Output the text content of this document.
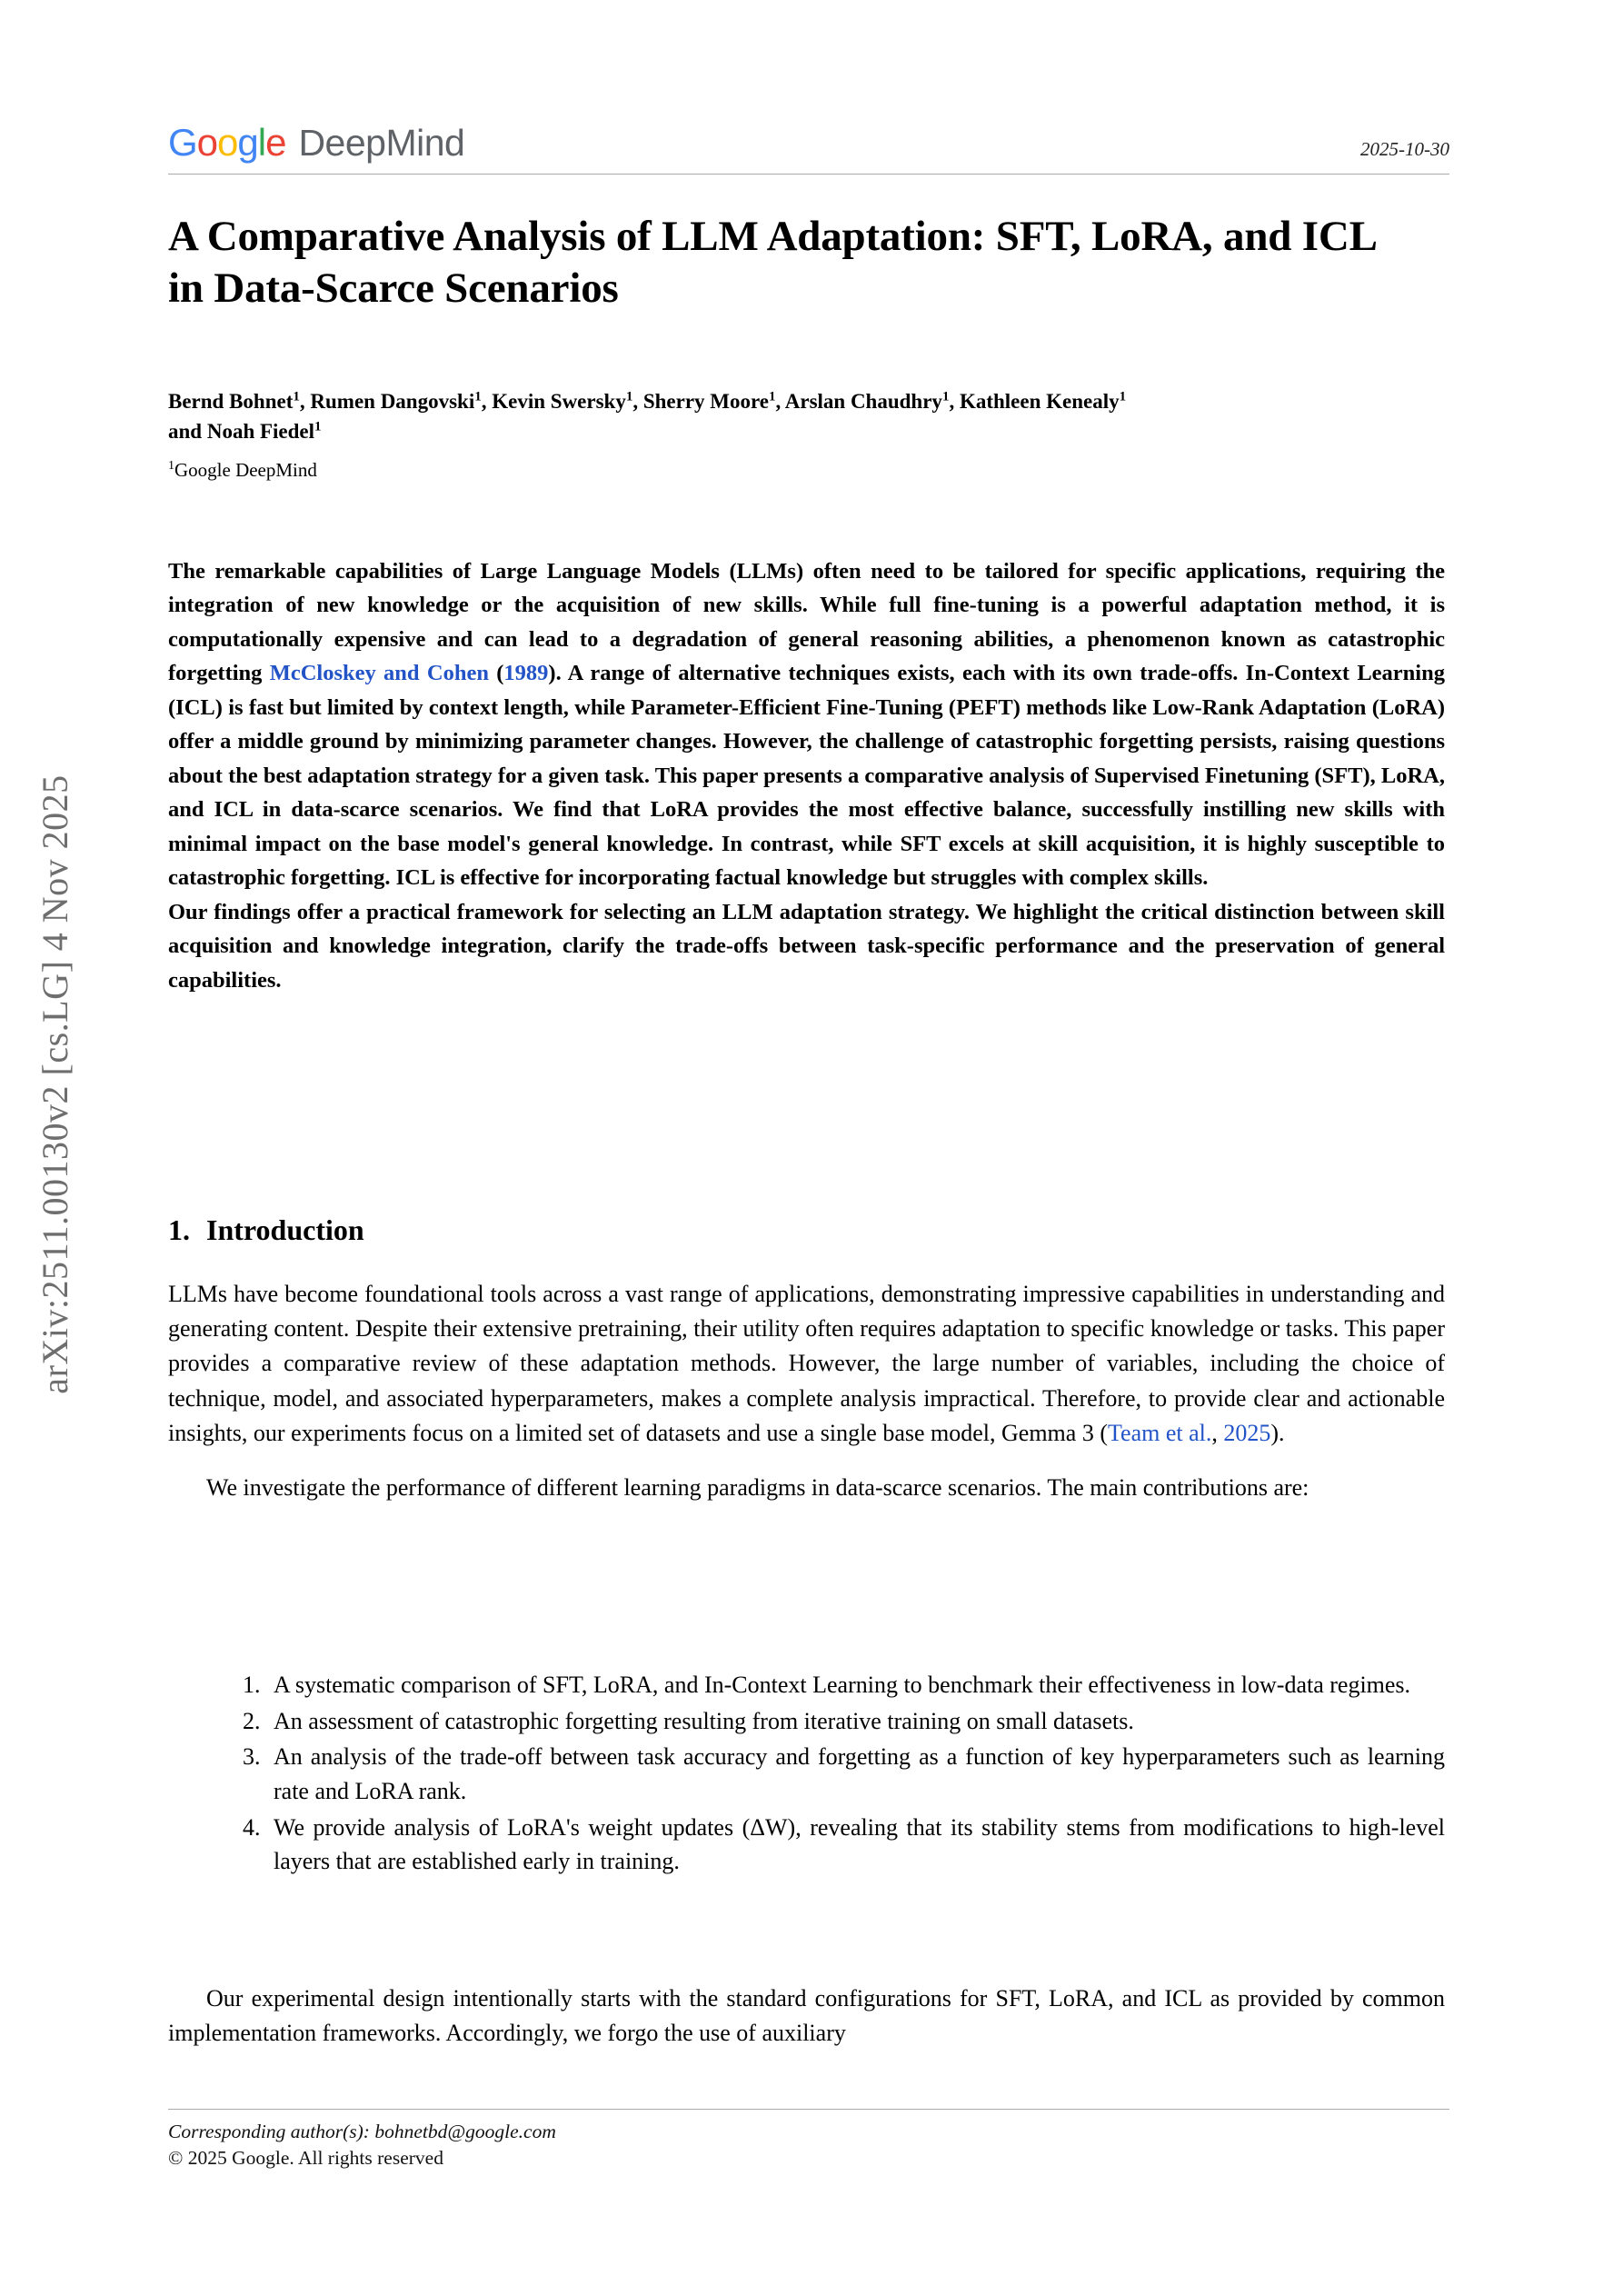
arXiv:2511.00130v2 [cs.LG] 4 Nov 2025
Google DeepMind	2025-10-30
A Comparative Analysis of LLM Adaptation: SFT, LoRA, and ICL in Data-Scarce Scenarios
Bernd Bohnet$^1$, Rumen Dangovski$^1$, Kevin Swersky$^1$, Sherry Moore$^1$, Arslan Chaudhry$^1$, Kathleen Kenealy$^1$
and Noah Fiedel$^1$
$^1$Google DeepMind

The remarkable capabilities of Large Language Models (LLMs) often need to be tailored for specific applications, requiring the integration of new knowledge or the acquisition of new skills. While full fine-tuning is a powerful adaptation method, it is computationally expensive and can lead to a degradation of general reasoning abilities, a phenomenon known as catastrophic forgetting McCloskey and Cohen (1989). A range of alternative techniques exists, each with its own trade-offs. In-Context Learning (ICL) is fast but limited by context length, while Parameter-Efficient Fine-Tuning (PEFT) methods like Low-Rank Adaptation (LoRA) offer a middle ground by minimizing parameter changes. However, the challenge of catastrophic forgetting persists, raising questions about the best adaptation strategy for a given task. This paper presents a comparative analysis of Supervised Finetuning (SFT), LoRA, and ICL in data-scarce scenarios. We find that LoRA provides the most effective balance, successfully instilling new skills with minimal impact on the base model's general knowledge. In contrast, while SFT excels at skill acquisition, it is highly susceptible to catastrophic forgetting. ICL is effective for incorporating factual knowledge but struggles with complex skills.

Our findings offer a practical framework for selecting an LLM adaptation strategy. We highlight the critical distinction between skill acquisition and knowledge integration, clarify the trade-offs between task-specific performance and the preservation of general capabilities.

1. Introduction

LLMs have become foundational tools across a vast range of applications, demonstrating impressive capabilities in understanding and generating content. Despite their extensive pretraining, their utility often requires adaptation to specific knowledge or tasks. This paper provides a comparative review of these adaptation methods. However, the large number of variables, including the choice of technique, model, and associated hyperparameters, makes a complete analysis impractical. Therefore, to provide clear and actionable insights, our experiments focus on a limited set of datasets and use a single base model, Gemma 3 (Team et al., 2025).

We investigate the performance of different learning paradigms in data-scarce scenarios. The main contributions are:

1. A systematic comparison of SFT, LoRA, and In-Context Learning to benchmark their effectiveness in low-data regimes.
2. An assessment of catastrophic forgetting resulting from iterative training on small datasets.
3. An analysis of the trade-off between task accuracy and forgetting as a function of key hyperparameters such as learning rate and LoRA rank.
4. We provide analysis of LoRA's weight updates (ΔW), revealing that its stability stems from modifications to high-level layers that are established early in training.
Our experimental design intentionally starts with the standard configurations for SFT, LoRA, and ICL as provided by common implementation frameworks. Accordingly, we forgo the use of auxiliary
Corresponding author(s): bohnetbd@google.com
© 2025 Google. All rights reserved
